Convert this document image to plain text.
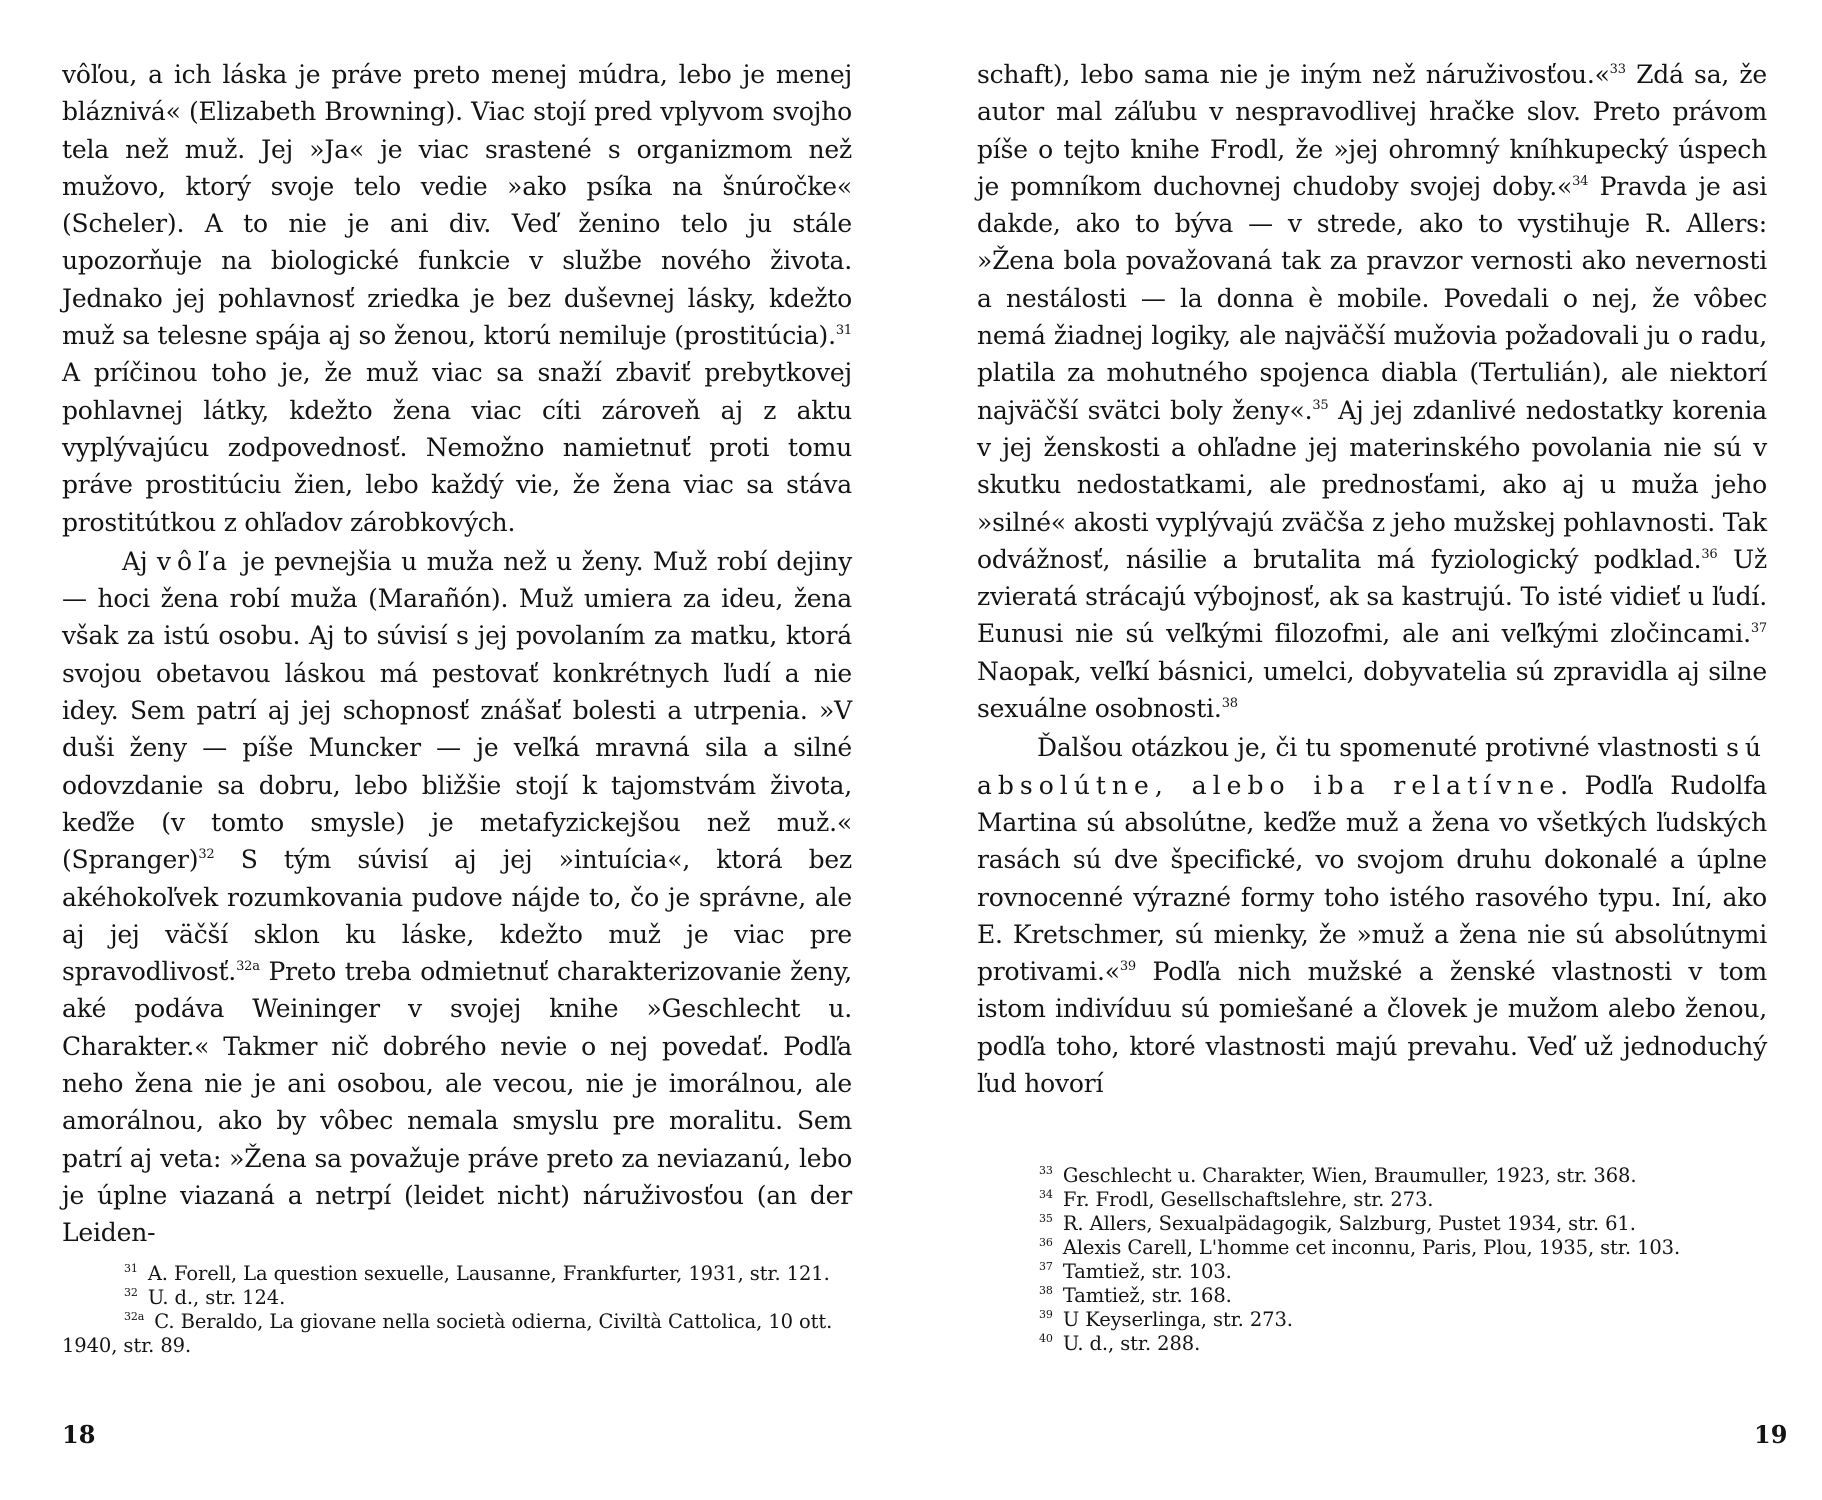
vôľou, a ich láska je práve preto menej múdra, lebo je menej bláznivá« (Elizabeth Browning). Viac stojí pred vplyvom svojho tela než muž. Jej »Ja« je viac srastené s organizmom než mužovo, ktorý svoje telo vedie »ako psíka na šnúročke« (Scheler). A to nie je ani div. Veď ženino telo ju stále upozorňuje na biologické funkcie v službe nového života. Jednako jej pohlavnosť zriedka je bez duševnej lásky, kdežto muž sa telesne spája aj so ženou, ktorú nemiluje (prostitúcia).$^{31}$ A príčinou toho je, že muž viac sa snaží zbaviť prebytkovej pohlavnej látky, kdežto žena viac cíti zároveň aj z aktu vyplývajúcu zodpovednosť. Nemožno namietnuť proti tomu práve prostitúciu žien, lebo každý vie, že žena viac sa stáva prostitútkou z ohľadov zárobkových.

Aj vôľa je pevnejšia u muža než u ženy. Muž robí dejiny — hoci žena robí muža (Marañón). Muž umiera za ideu, žena však za istú osobu. Aj to súvisí s jej povolaním za matku, ktorá svojou obetavou láskou má pestovať konkrétnych ľudí a nie idey. Sem patrí aj jej schopnosť znášať bolesti a utrpenia. »V duši ženy — píše Muncker — je veľká mravná sila a silné odovzdanie sa dobru, lebo bližšie stojí k tajomstvám života, keďže (v tomto smysle) je metafyzickejšou než muž.« (Spranger)$^{32}$ S tým súvisí aj jej »intuícia«, ktorá bez akéhokoľvek rozumkovania pudove nájde to, čo je správne, ale aj jej väčší sklon ku láske, kdežto muž je viac pre spravodlivosť.$^{32a}$ Preto treba odmietnuť charakterizovanie ženy, aké podáva Weininger v svojej knihe »Geschlecht u. Charakter.« Takmer nič dobrého nevie o nej povedať. Podľa neho žena nie je ani osobou, ale vecou, nie je imorálnou, ale amorálnou, ako by vôbec nemala smyslu pre moralitu. Sem patrí aj veta: »Žena sa považuje práve preto za neviazanú, lebo je úplne viazaná a netrpí (leidet nicht) náruživosťou (an der Leiden-

$^{31}$ A. Forell, La question sexuelle, Lausanne, Frankfurter, 1931, str. 121.

$^{32}$ U. d., str. 124.

$^{32a}$ C. Beraldo, La giovane nella società odierna, Civiltà Cattolica, 10 ott. 1940, str. 89.

18

schaft), lebo sama nie je iným než náruživosťou.«$^{33}$ Zdá sa, že autor mal záľubu v nespravodlivej hračke slov. Preto právom píše o tejto knihe Frodl, že »jej ohromný kníhkupecký úspech je pomníkom duchovnej chudoby svojej doby.«$^{34}$ Pravda je asi dakde, ako to býva — v strede, ako to vystihuje R. Allers: »Žena bola považovaná tak za pravzor vernosti ako nevernosti a nestálosti — la donna è mobile. Povedali o nej, že vôbec nemá žiadnej logiky, ale najväčší mužovia požadovali ju o radu, platila za mohutného spojenca diabla (Tertulián), ale niektorí najväčší svätci boly ženy«.$^{35}$ Aj jej zdanlivé nedostatky korenia v jej ženskosti a ohľadne jej materinského povolania nie sú v skutku nedostatkami, ale prednosťami, ako aj u muža jeho »silné« akosti vyplývajú zväčša z jeho mužskej pohlavnosti. Tak odvážnosť, násilie a brutalita má fyziologický podklad.$^{36}$ Už zvieratá strácajú výbojnosť, ak sa kastrujú. To isté vidieť u ľudí. Eunusi nie sú veľkými filozofmi, ale ani veľkými zločincami.$^{37}$ Naopak, veľkí básnici, umelci, dobyvatelia sú zpravidla aj silne sexuálne osobnosti.$^{38}$

Ďalšou otázkou je, či tu spomenuté protivné vlastnosti sú absolútne, alebo iba relatívne. Podľa Rudolfa Martina sú absolútne, keďže muž a žena vo všetkých ľudských rasách sú dve špecifické, vo svojom druhu dokonalé a úplne rovnocenné výrazné formy toho istého rasového typu. Iní, ako E. Kretschmer, sú mienky, že »muž a žena nie sú absolútnymi protivami.«$^{39}$ Podľa nich mužské a ženské vlastnosti v tom istom indivíduu sú pomiešané a človek je mužom alebo ženou, podľa toho, ktoré vlastnosti majú prevahu. Veď už jednoduchý ľud hovorí

$^{33}$ Geschlecht u. Charakter, Wien, Braumuller, 1923, str. 368.

$^{34}$ Fr. Frodl, Gesellschaftslehre, str. 273.

$^{35}$ R. Allers, Sexualpädagogik, Salzburg, Pustet 1934, str. 61.

$^{36}$ Alexis Carell, L'homme cet inconnu, Paris, Plou, 1935, str. 103.

$^{37}$ Tamtiež, str. 103.

$^{38}$ Tamtiež, str. 168.

$^{39}$ U Keyserlinga, str. 273.

$^{40}$ U. d., str. 288.

19
